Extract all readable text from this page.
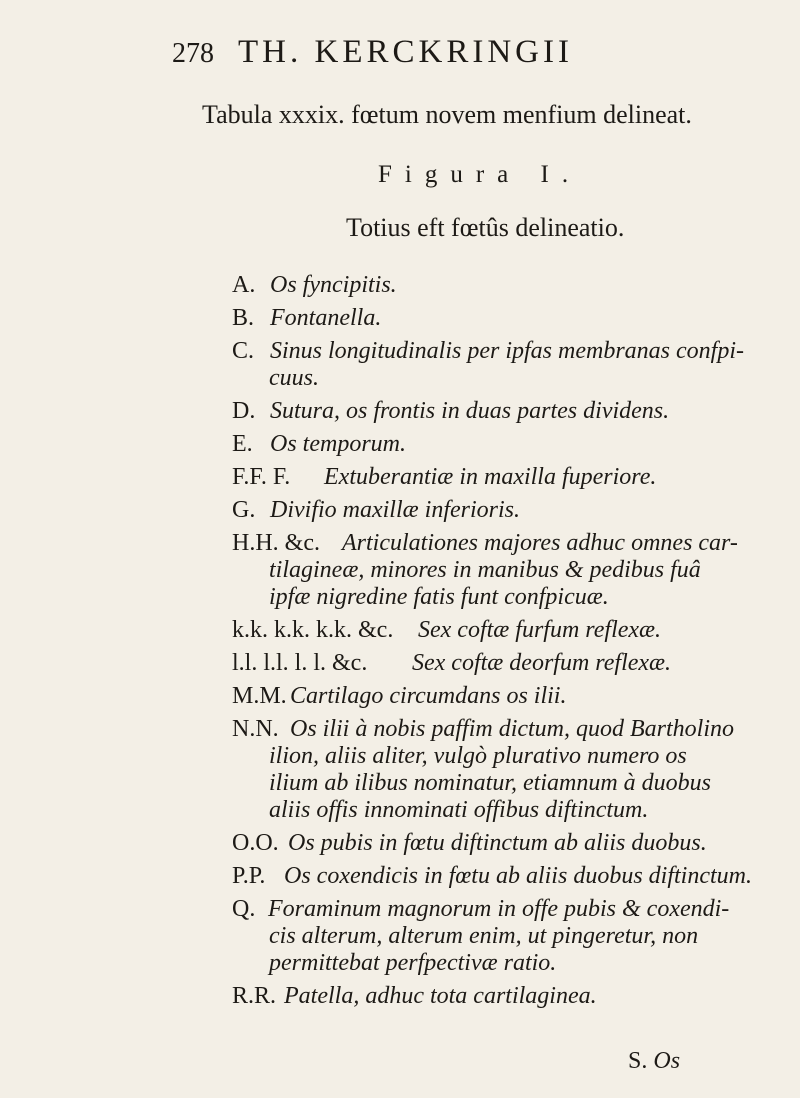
278 TH. KERCKRINGII
Tabula xxxix. fœtum novem menfium delineat.
Figura I.
Totius eft fœtûs delineatio.
A. Os fyncipitis.
B. Fontanella.
C. Sinus longitudinalis per ipfas membranas confpi-
cuus.
D. Sutura, os frontis in duas partes dividens.
E. Os temporum.
F.F. F.	Extuberantiæ in maxilla fuperiore.
G. Divifio maxillæ inferioris.
H.H. &c. Articulationes majores adhuc omnes car-
tilagineæ, minores in manibus & pedibus fuâ
ipfæ nigredine fatis funt confpicuæ.
k.k. k.k. k.k. &c.	Sex coftæ furfum reflexæ.
l.l. l.l. l. l. &c.	Sex coftæ deorfum reflexæ.
M.M. Cartilago circumdans os ilii.
N.N. Os ilii à nobis paffim dictum, quod Bartholino
ilion, aliis aliter, vulgò plurativo numero os
ilium ab ilibus nominatur, etiamnum à duobus
aliis offis innominati offibus diftinctum.
O.O. Os pubis in fœtu diftinctum ab aliis duobus.
P.P. Os coxendicis in fœtu ab aliis duobus diftinctum.
Q. Foraminum magnorum in offe pubis & coxendi-
cis alterum, alterum enim, ut pingeretur, non
permittebat perfpectivæ ratio.
R.R. Patella, adhuc tota cartilaginea.
S. Os
